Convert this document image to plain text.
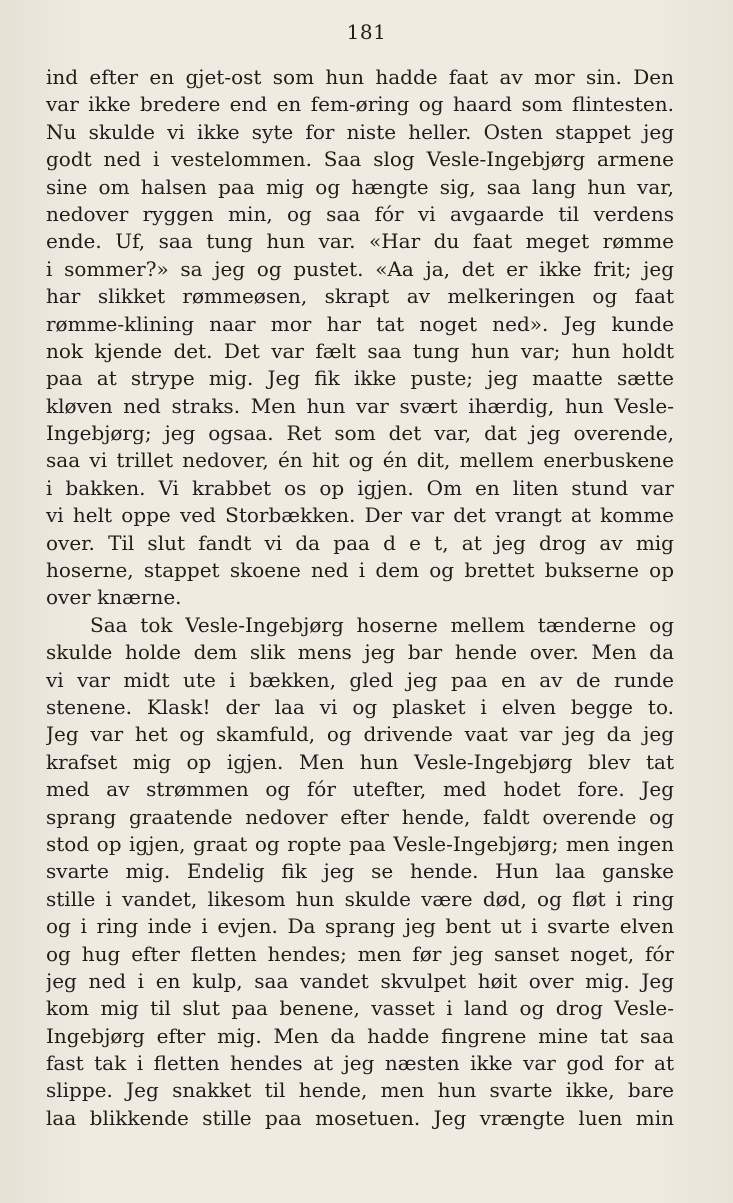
181
ind efter en gjet-ost som hun hadde faat av mor sin. Den
var ikke bredere end en fem-øring og haard som flintesten.
Nu skulde vi ikke syte for niste heller. Osten stappet jeg
godt ned i vestelommen. Saa slog Vesle-Ingebjørg armene
sine om halsen paa mig og hængte sig, saa lang hun var,
nedover ryggen min, og saa fór vi avgaarde til verdens
ende. Uf, saa tung hun var. «Har du faat meget rømme
i sommer?» sa jeg og pustet. «Aa ja, det er ikke frit; jeg
har slikket rømmeøsen, skrapt av melkeringen og faat
rømme-klining naar mor har tat noget ned». Jeg kunde
nok kjende det. Det var fælt saa tung hun var; hun holdt
paa at strype mig. Jeg fik ikke puste; jeg maatte sætte
kløven ned straks. Men hun var svært ihærdig, hun Vesle-
Ingebjørg; jeg ogsaa. Ret som det var, dat jeg overende,
saa vi trillet nedover, én hit og én dit, mellem enerbuskene
i bakken. Vi krabbet os op igjen. Om en liten stund var
vi helt oppe ved Storbækken. Der var det vrangt at komme
over. Til slut fandt vi da paa d e t, at jeg drog av mig
hoserne, stappet skoene ned i dem og brettet bukserne op
over knærne.
Saa tok Vesle-Ingebjørg hoserne mellem tænderne og
skulde holde dem slik mens jeg bar hende over. Men da
vi var midt ute i bækken, gled jeg paa en av de runde
stenene. Klask! der laa vi og plasket i elven begge to.
Jeg var het og skamfuld, og drivende vaat var jeg da jeg
krafset mig op igjen. Men hun Vesle-Ingebjørg blev tat
med av strømmen og fór utefter, med hodet fore. Jeg
sprang graatende nedover efter hende, faldt overende og
stod op igjen, graat og ropte paa Vesle-Ingebjørg; men ingen
svarte mig. Endelig fik jeg se hende. Hun laa ganske
stille i vandet, likesom hun skulde være død, og fløt i ring
og i ring inde i evjen. Da sprang jeg bent ut i svarte elven
og hug efter fletten hendes; men før jeg sanset noget, fór
jeg ned i en kulp, saa vandet skvulpet høit over mig. Jeg
kom mig til slut paa benene, vasset i land og drog Vesle-
Ingebjørg efter mig. Men da hadde fingrene mine tat saa
fast tak i fletten hendes at jeg næsten ikke var god for at
slippe. Jeg snakket til hende, men hun svarte ikke, bare
laa blikkende stille paa mosetuen. Jeg vrængte luen min
